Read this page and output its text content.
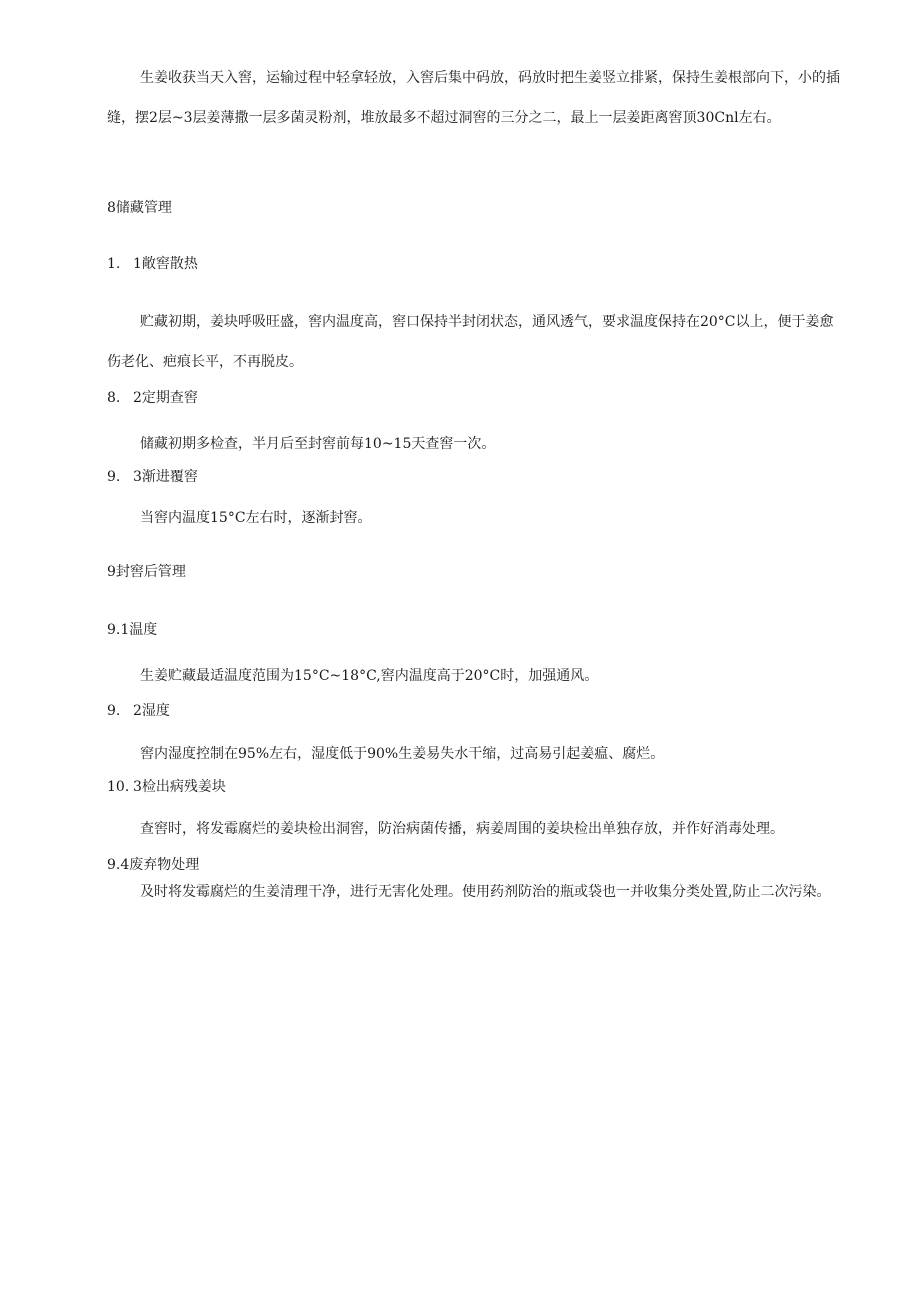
生姜收获当天入窖，运输过程中轻拿轻放，入窖后集中码放，码放时把生姜竖立排紧，保持生姜根部向下，小的插缝，摆2层~3层姜薄撒一层多菌灵粉剂，堆放最多不超过洞窖的三分之二，最上一层姜距离窖顶30Cnl左右。

8储藏管理
1. 1敞窖散热

贮藏初期，姜块呼吸旺盛，窖内温度高，窖口保持半封闭状态，通风透气，要求温度保持在20°C以上，便于姜愈伤老化、疤痕长平，不再脱皮。

8. 2定期查窖

储藏初期多检查，半月后至封窖前每10~15天查窖一次。

9. 3渐进覆窖

当窖内温度15°C左右时，逐渐封窖。

9封窖后管理
9.1温度

生姜贮藏最适温度范围为15°C~18°C,窖内温度高于20°C时，加强通风。

9. 2湿度

窖内湿度控制在95%左右，湿度低于90%生姜易失水干缩，过高易引起姜瘟、腐烂。

10. 3检出病残姜块

查窖时，将发霉腐烂的姜块检出洞窖，防治病菌传播，病姜周围的姜块检出单独存放，并作好消毒处理。

9.4废弃物处理

及时将发霉腐烂的生姜清理干净，进行无害化处理。使用药剂防治的瓶或袋也一并收集分类处置,防止二次污染。
